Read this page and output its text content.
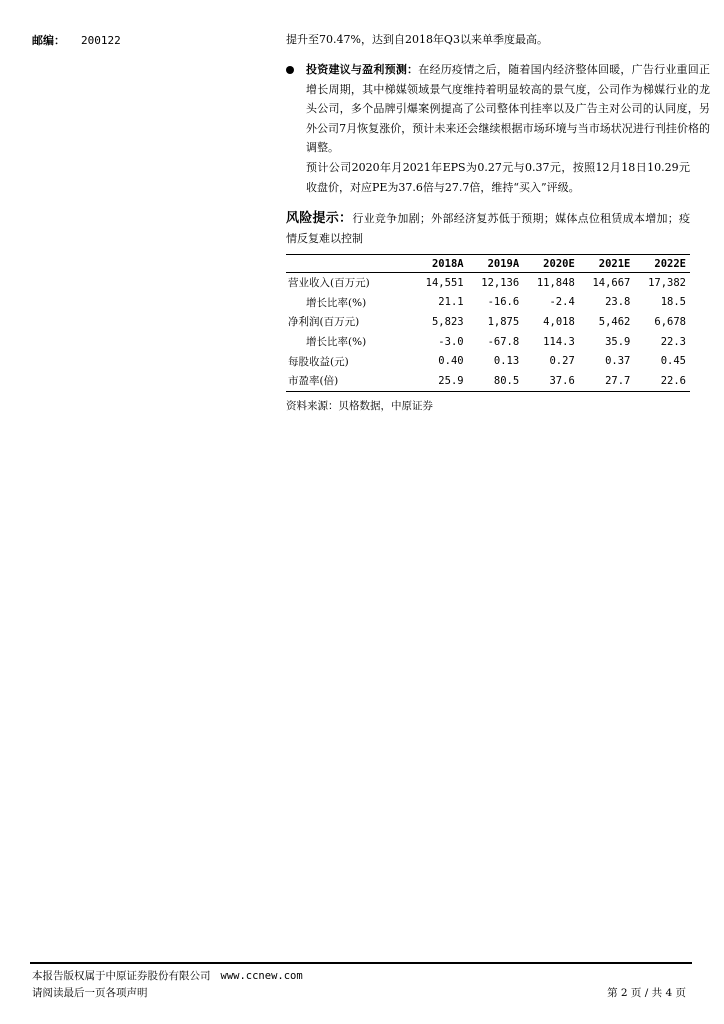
邮编： 200122	提升至70.47%，达到自2018年Q3以来单季度最高。
投资建议与盈利预测：在经历疫情之后，随着国内经济整体回暖，广告行业重回正增长周期，其中梯媒领域景气度维持着明显较高的景气度，公司作为梯媒行业的龙头公司，多个品牌引爆案例提高了公司整体刊挂率以及广告主对公司的认同度，另外公司7月恢复涨价，预计未来还会继续根据市场环境与当市场状况进行刊挂价格的调整。
预计公司2020年月2021年EPS为0.27元与0.37元，按照12月18日10.29元收盘价，对应PE为37.6倍与27.7倍，维持“买入”评级。
风险提示：行业竞争加剧；外部经济复苏低于预期；媒体点位租赁成本增加；疫情反复难以控制
	2018A	2019A	2020E	2021E	2022E
营业收入(百万元)	14,551	12,136	11,848	14,667	17,382
增长比率(%)	21.1	-16.6	-2.4	23.8	18.5
净利润(百万元)	5,823	1,875	4,018	5,462	6,678
增长比率(%)	-3.0	-67.8	114.3	35.9	22.3
每股收益(元)	0.40	0.13	0.27	0.37	0.45
市盈率(倍)	25.9	80.5	37.6	27.7	22.6
资料来源：贝格数据，中原证券
本报告版权属于中原证券股份有限公司 www.ccnew.com
请阅读最后一页各项声明	第 2 页 / 共 4 页
